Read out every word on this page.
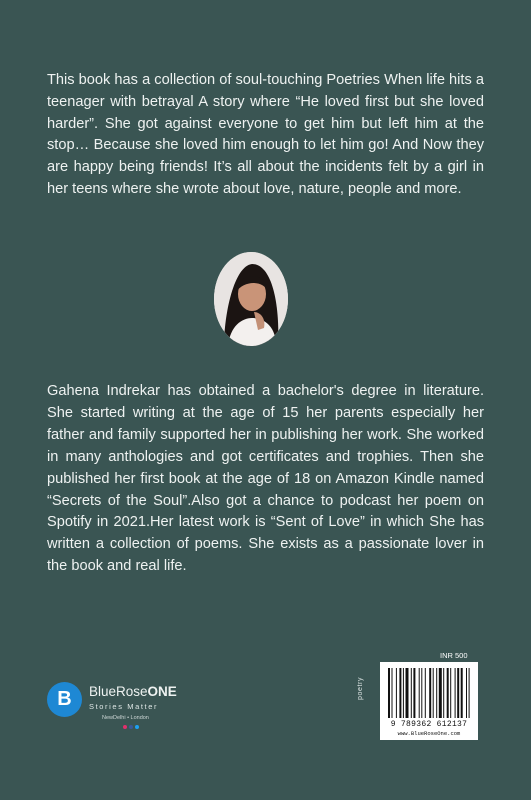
This book has a collection of soul-touching Poetries When life hits a teenager with betrayal A story where “He loved first but she loved harder”. She got against everyone to get him but left him at the stop… Because she loved him enough to let him go! And Now they are happy being friends! It’s all about the incidents felt by a girl in her teens where she wrote about love, nature, people and more.

Gahena Indrekar has obtained a bachelor's degree in literature. She started writing at the age of 15 her parents especially her father and family supported her in publishing her work. She worked in many anthologies and got certificates and trophies. Then she published her first book at the age of 18 on Amazon Kindle named “Secrets of the Soul”.Also got a chance to podcast her poem on Spotify in 2021.Her latest work is “Sent of Love” in which She has written a collection of poems. She exists as a passionate lover in the book and real life.

B	BlueRoseONE
Stories Matter
NewDelhi • London
poetry
INR 500
9 789362 612137
www.BlueRoseOne.com
